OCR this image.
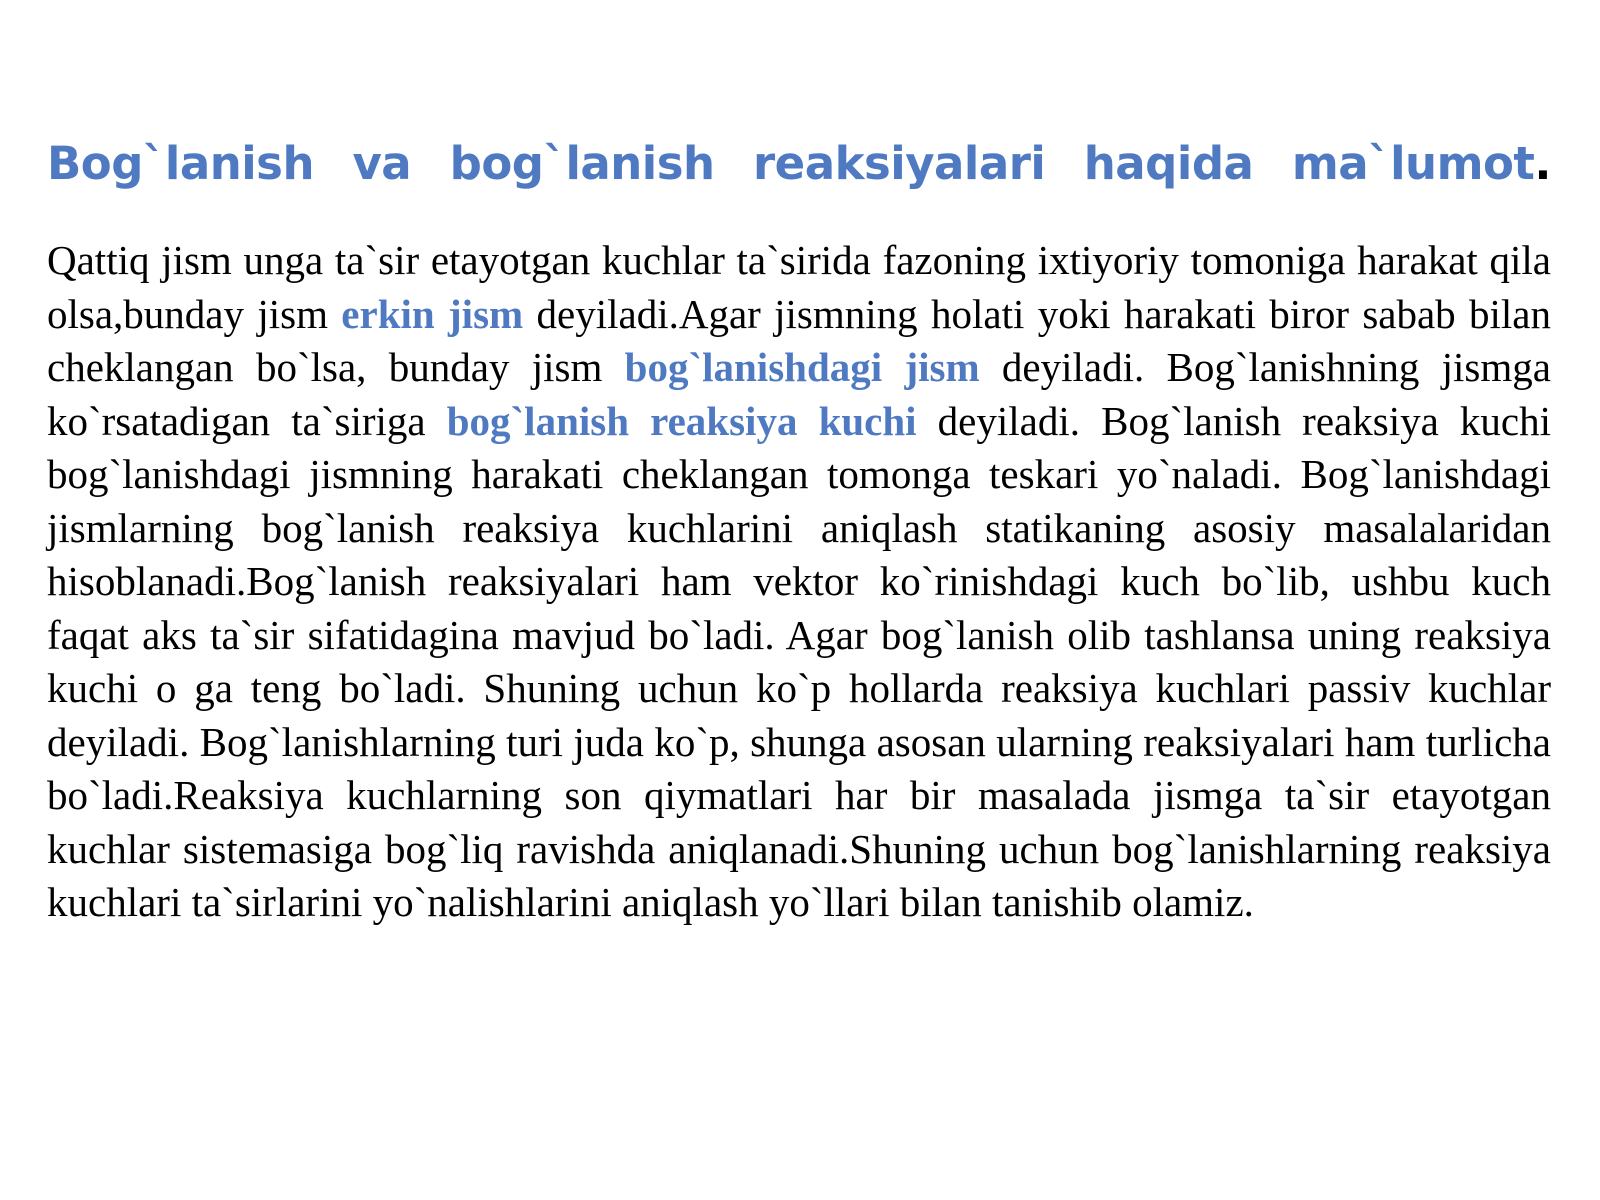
Bog`lanish va bog`lanish reaksiyalari haqida ma`lumot.

Qattiq jism unga ta`sir etayotgan kuchlar ta`sirida fazoning ixtiyoriy tomoniga harakat qila olsa,bunday jism erkin jism deyiladi.Agar jismning holati yoki harakati biror sabab bilan cheklangan bo`lsa, bunday jism bog`lanishdagi jism deyiladi. Bog`lanishning jismga ko`rsatadigan ta`siriga bog`lanish reaksiya kuchi deyiladi. Bog`lanish reaksiya kuchi bog`lanishdagi jismning harakati cheklangan tomonga teskari yo`naladi. Bog`lanishdagi jismlarning bog`lanish reaksiya kuchlarini aniqlash statikaning asosiy masalalaridan hisoblanadi.Bog`lanish reaksiyalari ham vektor ko`rinishdagi kuch bo`lib, ushbu kuch faqat aks ta`sir sifatidagina mavjud bo`ladi. Agar bog`lanish olib tashlansa uning reaksiya kuchi o ga teng bo`ladi. Shuning uchun ko`p hollarda reaksiya kuchlari passiv kuchlar deyiladi. Bog`lanishlarning turi juda ko`p, shunga asosan ularning reaksiyalari ham turlicha bo`ladi.Reaksiya kuchlarning son qiymatlari har bir masalada jismga ta`sir etayotgan kuchlar sistemasiga bog`liq ravishda aniqlanadi.Shuning uchun bog`lanishlarning reaksiya kuchlari ta`sirlarini yo`nalishlarini aniqlash yo`llari bilan tanishib olamiz.
